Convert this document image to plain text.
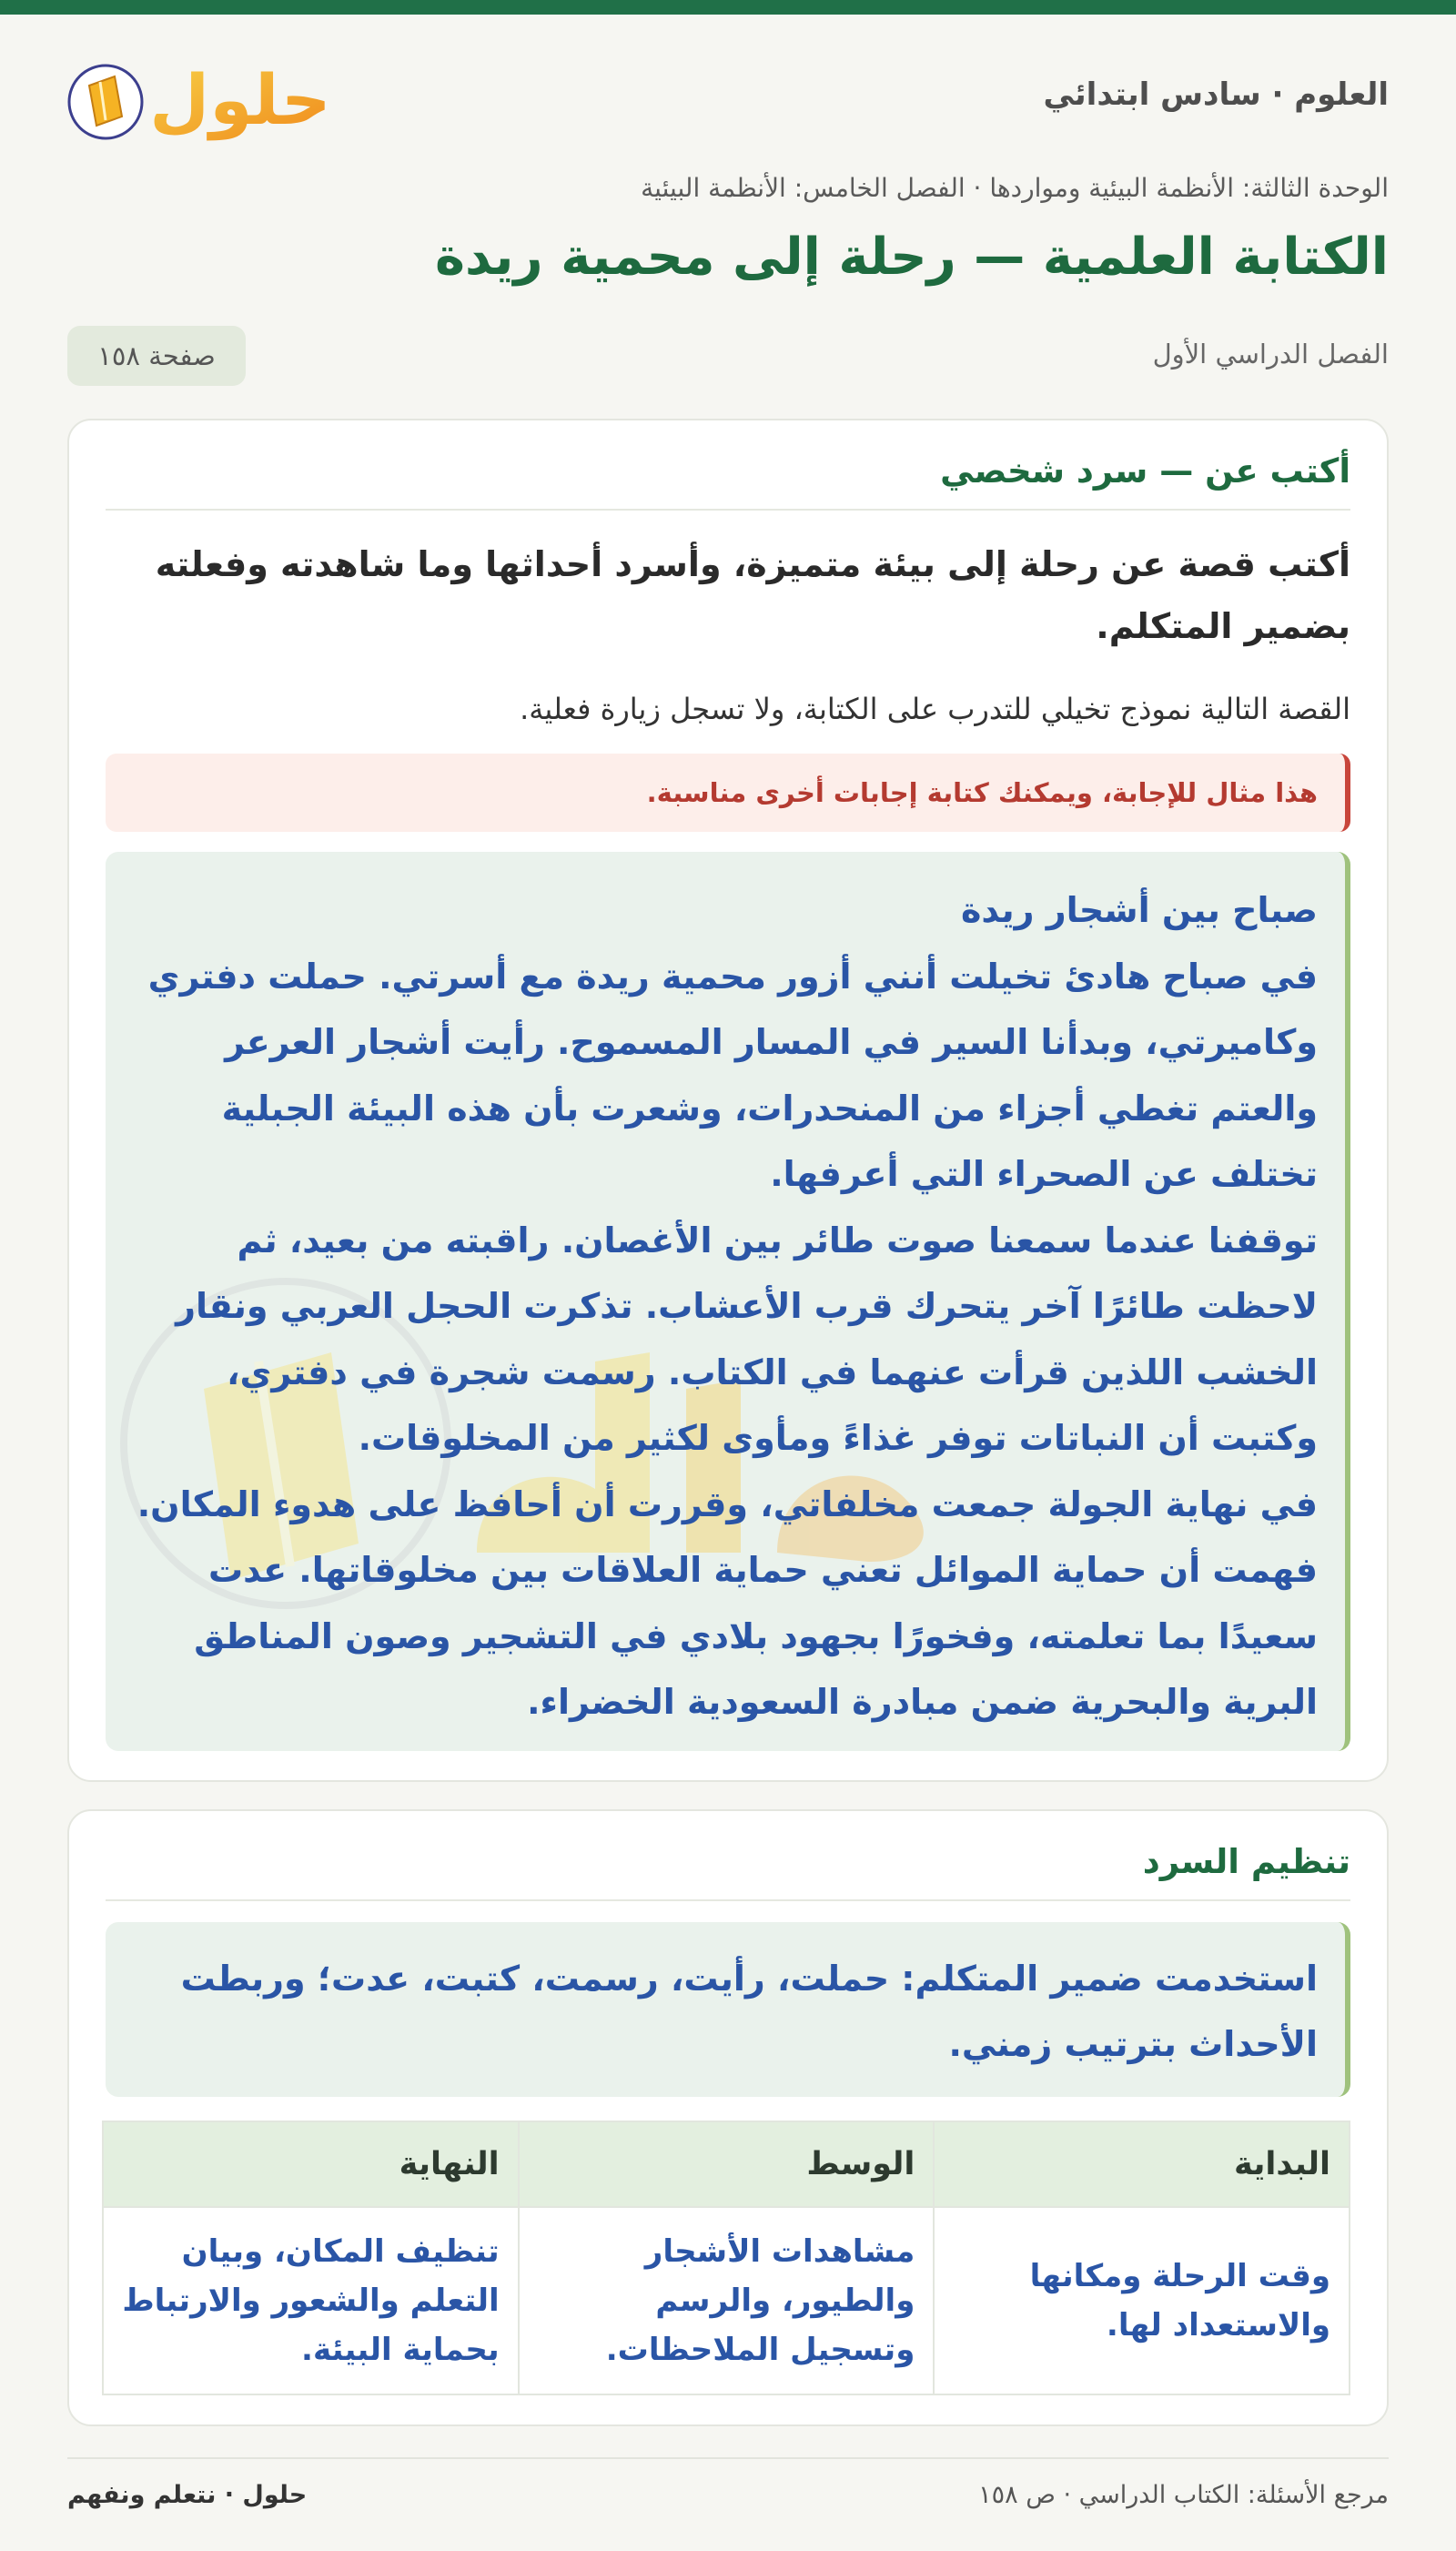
العلوم · سادس ابتدائي
حلول
الوحدة الثالثة: الأنظمة البيئية ومواردها · الفصل الخامس: الأنظمة البيئية
الكتابة العلمية — رحلة إلى محمية ريدة
الفصل الدراسي الأول
صفحة ١٥٨
أكتب عن — سرد شخصي
أكتب قصة عن رحلة إلى بيئة متميزة، وأسرد أحداثها وما شاهدته وفعلته بضمير المتكلم.
القصة التالية نموذج تخيلي للتدرب على الكتابة، ولا تسجل زيارة فعلية.
هذا مثال للإجابة، ويمكنك كتابة إجابات أخرى مناسبة.

صباح بين أشجار ريدة

في صباح هادئ تخيلت أنني أزور محمية ريدة مع أسرتي. حملت دفتري وكاميرتي، وبدأنا السير في المسار المسموح. رأيت أشجار العرعر والعتم تغطي أجزاء من المنحدرات، وشعرت بأن هذه البيئة الجبلية تختلف عن الصحراء التي أعرفها.

توقفنا عندما سمعنا صوت طائر بين الأغصان. راقبته من بعيد، ثم لاحظت طائرًا آخر يتحرك قرب الأعشاب. تذكرت الحجل العربي ونقار الخشب اللذين قرأت عنهما في الكتاب. رسمت شجرة في دفتري، وكتبت أن النباتات توفر غذاءً ومأوى لكثير من المخلوقات.

في نهاية الجولة جمعت مخلفاتي، وقررت أن أحافظ على هدوء المكان. فهمت أن حماية الموائل تعني حماية العلاقات بين مخلوقاتها. عدت سعيدًا بما تعلمته، وفخورًا بجهود بلادي في التشجير وصون المناطق البرية والبحرية ضمن مبادرة السعودية الخضراء.

تنظيم السرد
استخدمت ضمير المتكلم: حملت، رأيت، رسمت، كتبت، عدت؛ وربطت الأحداث بترتيب زمني.
البداية	الوسط	النهاية
وقت الرحلة ومكانها والاستعداد لها.	مشاهدات الأشجار والطيور، والرسم وتسجيل الملاحظات.	تنظيف المكان، وبيان التعلم والشعور والارتباط بحماية البيئة.
مرجع الأسئلة: الكتاب الدراسي · ص ١٥٨
حلول · نتعلم ونفهم
